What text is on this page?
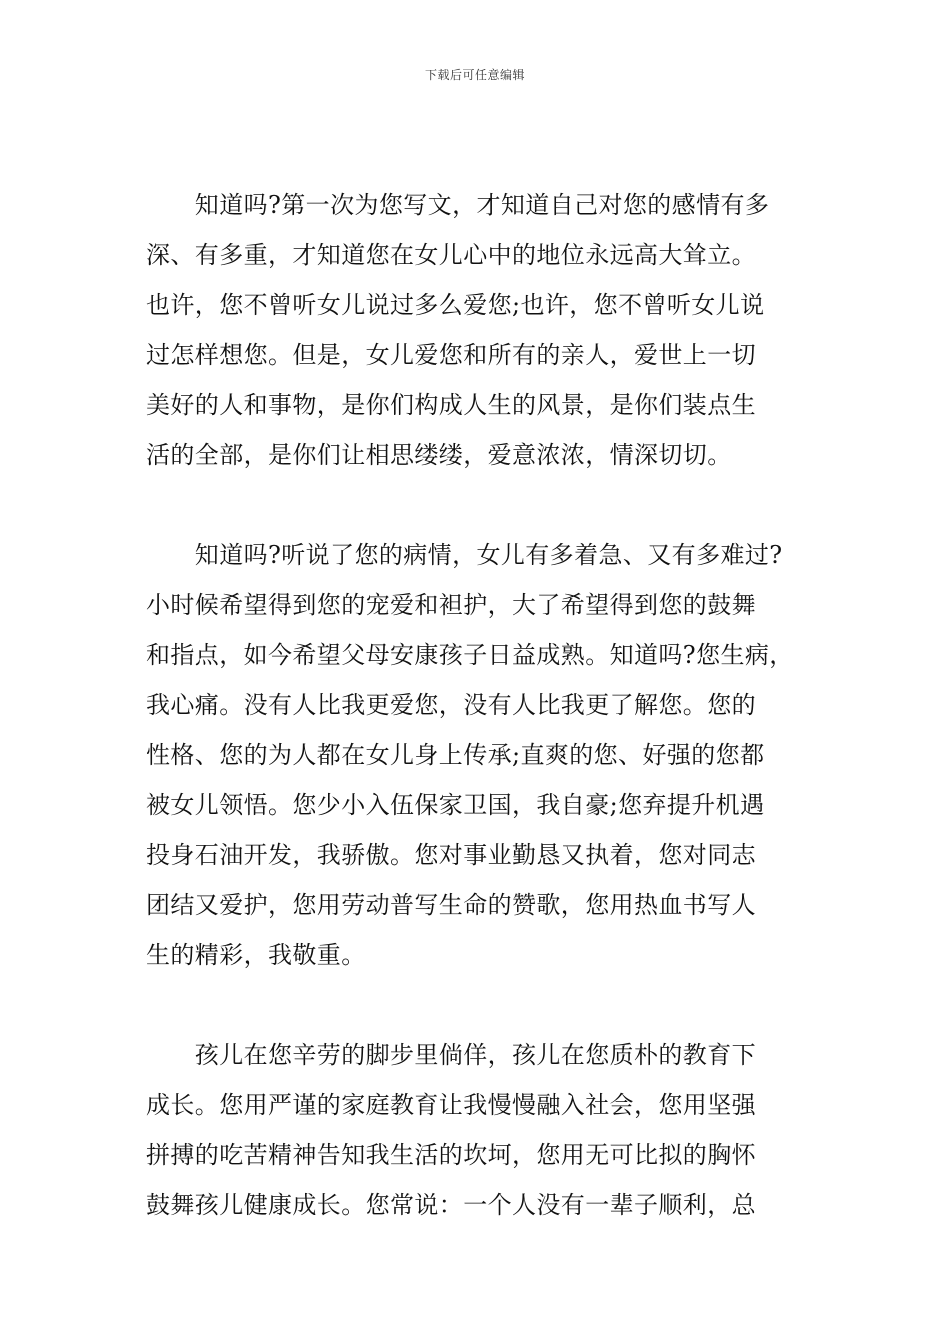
下载后可任意编辑
　　知道吗?第一次为您写文，才知道自己对您的感情有多
深、有多重，才知道您在女儿心中的地位永远高大耸立。
也许，您不曾听女儿说过多么爱您;也许，您不曾听女儿说
过怎样想您。但是，女儿爱您和所有的亲人，爱世上一切
美好的人和事物，是你们构成人生的风景，是你们装点生
活的全部，是你们让相思缕缕，爱意浓浓，情深切切。
　　知道吗?听说了您的病情，女儿有多着急、又有多难过?
小时候希望得到您的宠爱和袒护，大了希望得到您的鼓舞
和指点，如今希望父母安康孩子日益成熟。知道吗?您生病，
我心痛。没有人比我更爱您，没有人比我更了解您。您的
性格、您的为人都在女儿身上传承;直爽的您、好强的您都
被女儿领悟。您少小入伍保家卫国，我自豪;您弃提升机遇
投身石油开发，我骄傲。您对事业勤恳又执着，您对同志
团结又爱护，您用劳动普写生命的赞歌，您用热血书写人
生的精彩，我敬重。
　　孩儿在您辛劳的脚步里倘佯，孩儿在您质朴的教育下
成长。您用严谨的家庭教育让我慢慢融入社会，您用坚强
拼搏的吃苦精神告知我生活的坎坷，您用无可比拟的胸怀
鼓舞孩儿健康成长。您常说：一个人没有一辈子顺利，总
